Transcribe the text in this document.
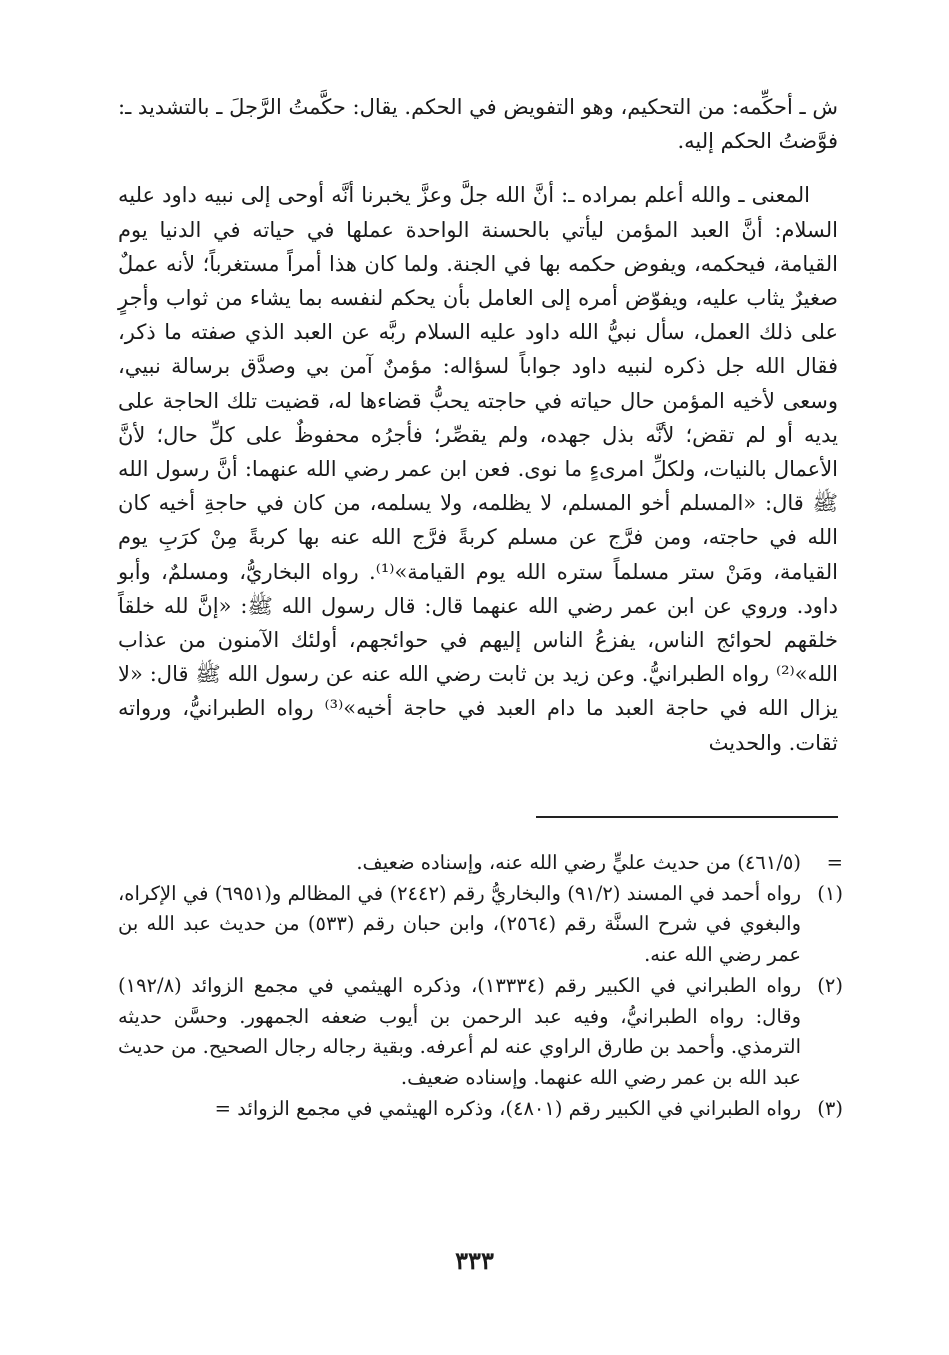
ش ـ أحكِّمه: من التحكيم، وهو التفويض في الحكم. يقال: حكَّمتُ الرَّجلَ ـ بالتشديد ـ: فوَّضتُ الحكم إليه.

المعنى ـ والله أعلم بمراده ـ: أنَّ الله جلَّ وعزَّ يخبرنا أنَّه أوحى إلى نبيه داود عليه السلام: أنَّ العبد المؤمن ليأتي بالحسنة الواحدة عملها في حياته في الدنيا يوم القيامة، فيحكمه، ويفوض حكمه بها في الجنة. ولما كان هذا أمراً مستغرباً؛ لأنه عملٌ صغيرٌ يثاب عليه، ويفوّض أمره إلى العامل بأن يحكم لنفسه بما يشاء من ثواب وأجرٍ على ذلك العمل، سأل نبيُّ الله داود عليه السلام ربَّه عن العبد الذي صفته ما ذكر، فقال الله جل ذكره لنبيه داود جواباً لسؤاله: مؤمنٌ آمن بي وصدَّق برسالة نبيي، وسعى لأخيه المؤمن حال حياته في حاجته يحبُّ قضاءها له، قضيت تلك الحاجة على يديه أو لم تقض؛ لأنَّه بذل جهده، ولم يقصِّر؛ فأجرُه محفوظٌ على كلِّ حال؛ لأنَّ الأعمال بالنيات، ولكلِّ امرىءٍ ما نوى. فعن ابن عمر رضي الله عنهما: أنَّ رسول الله ﷺ قال: «المسلم أخو المسلم، لا يظلمه، ولا يسلمه، من كان في حاجةِ أخيه كان الله في حاجته، ومن فرَّج عن مسلم كربةً فرَّج الله عنه بها كربةً مِنْ كرَبِ يوم القيامة، ومَنْ ستر مسلماً ستره الله يوم القيامة»⁽¹⁾. رواه البخاريُّ، ومسلمٌ، وأبو داود. وروي عن ابن عمر رضي الله عنهما قال: قال رسول الله ﷺ: «إنَّ لله خلقاً خلقهم لحوائج الناس، يفزعُ الناس إليهم في حوائجهم، أولئك الآمنون من عذاب الله»⁽²⁾ رواه الطبرانيُّ. وعن زيد بن ثابت رضي الله عنه عن رسول الله ﷺ قال: «لا يزال الله في حاجة العبد ما دام العبد في حاجة أخيه»⁽³⁾ رواه الطبرانيُّ، ورواته ثقات. والحديث

=
(٤٦١/٥) من حديث عليٍّ رضي الله عنه، وإسناده ضعيف.
(١)
رواه أحمد في المسند (٩١/٢) والبخاريُّ رقم (٢٤٤٢) في المظالم و(٦٩٥١) في الإكراه، والبغوي في شرح السنَّة رقم (٢٥٦٤)، وابن حبان رقم (٥٣٣) من حديث عبد الله بن عمر رضي الله عنه.
(٢)
رواه الطبراني في الكبير رقم (١٣٣٣٤)، وذكره الهيثمي في مجمع الزوائد (١٩٢/٨) وقال: رواه الطبرانيُّ، وفيه عبد الرحمن بن أيوب ضعفه الجمهور. وحسَّن حديثه الترمذي. وأحمد بن طارق الراوي عنه لم أعرفه. وبقية رجاله رجال الصحيح. من حديث عبد الله بن عمر رضي الله عنهما. وإسناده ضعيف.
(٣)
رواه الطبراني في الكبير رقم (٤٨٠١)، وذكره الهيثمي في مجمع الزوائد =
٣٣٣
